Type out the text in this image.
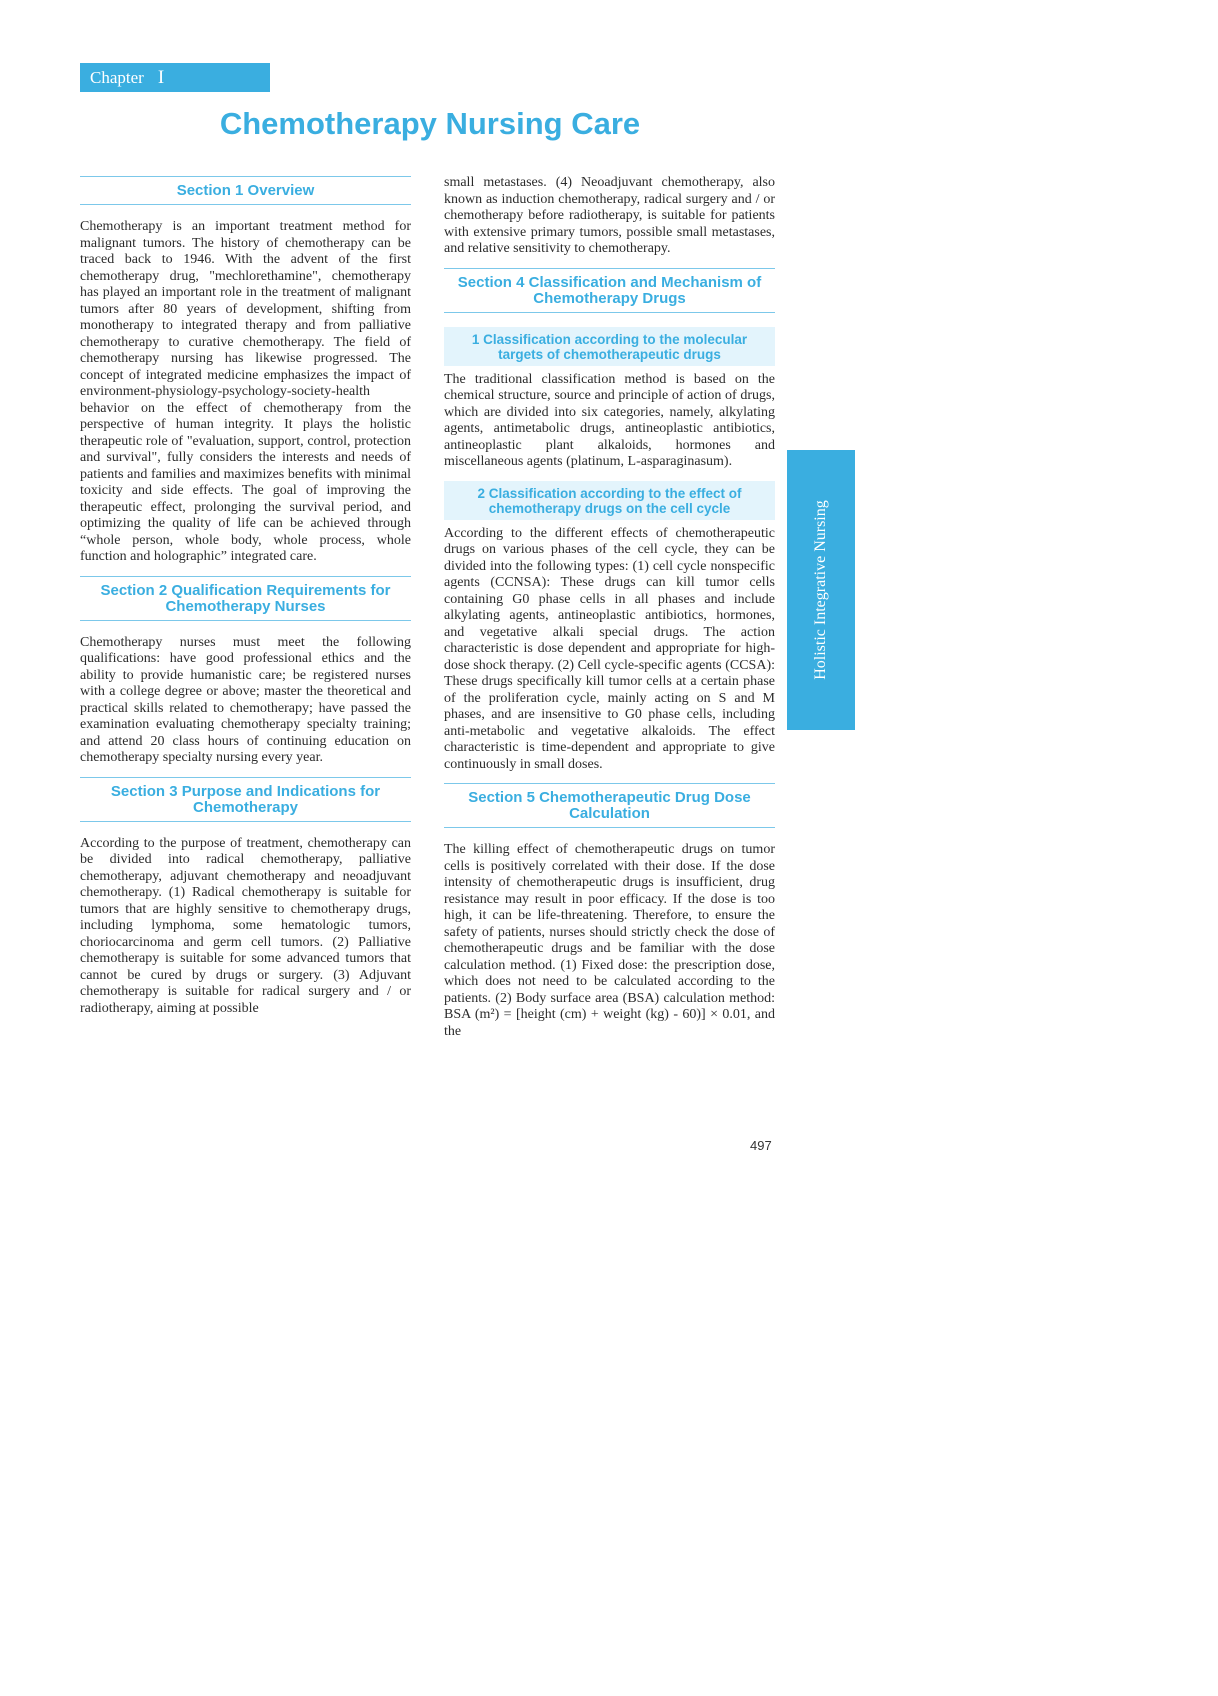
Chapter I
Chemotherapy Nursing Care
Section 1 Overview

Chemotherapy is an important treatment method for malignant tumors. The history of chemotherapy can be traced back to 1946. With the advent of the first chemotherapy drug, "mechlorethamine", chemotherapy has played an important role in the treatment of malignant tumors after 80 years of development, shifting from monotherapy to integrated therapy and from palliative chemotherapy to curative chemotherapy. The field of chemotherapy nursing has likewise progressed. The concept of integrated medicine emphasizes the impact of environment-physiology-psychology-society-health behavior on the effect of chemotherapy from the perspective of human integrity. It plays the holistic therapeutic role of "evaluation, support, control, protection and survival", fully considers the interests and needs of patients and families and maximizes benefits with minimal toxicity and side effects. The goal of improving the therapeutic effect, prolonging the survival period, and optimizing the quality of life can be achieved through “whole person, whole body, whole process, whole function and holographic” integrated care.

Section 2 Qualification Requirements for Chemotherapy Nurses

Chemotherapy nurses must meet the following qualifications: have good professional ethics and the ability to provide humanistic care; be registered nurses with a college degree or above; master the theoretical and practical skills related to chemotherapy; have passed the examination evaluating chemotherapy specialty training; and attend 20 class hours of continuing education on chemotherapy specialty nursing every year.

Section 3 Purpose and Indications for Chemotherapy

According to the purpose of treatment, chemotherapy can be divided into radical chemotherapy, palliative chemotherapy, adjuvant chemotherapy and neoadjuvant chemotherapy. (1) Radical chemotherapy is suitable for tumors that are highly sensitive to chemotherapy drugs, including lymphoma, some hematologic tumors, choriocarcinoma and germ cell tumors. (2) Palliative chemotherapy is suitable for some advanced tumors that cannot be cured by drugs or surgery. (3) Adjuvant chemotherapy is suitable for radical surgery and / or radiotherapy, aiming at possible

small metastases. (4) Neoadjuvant chemotherapy, also known as induction chemotherapy, radical surgery and / or chemotherapy before radiotherapy, is suitable for patients with extensive primary tumors, possible small metastases, and relative sensitivity to chemotherapy.

Section 4 Classification and Mechanism of Chemotherapy Drugs
1 Classification according to the molecular targets of chemotherapeutic drugs

The traditional classification method is based on the chemical structure, source and principle of action of drugs, which are divided into six categories, namely, alkylating agents, antimetabolic drugs, antineoplastic antibiotics, antineoplastic plant alkaloids, hormones and miscellaneous agents (platinum, L-asparaginasum).

2 Classification according to the effect of chemotherapy drugs on the cell cycle

According to the different effects of chemotherapeutic drugs on various phases of the cell cycle, they can be divided into the following types: (1) cell cycle nonspecific agents (CCNSA): These drugs can kill tumor cells containing G0 phase cells in all phases and include alkylating agents, antineoplastic antibiotics, hormones, and vegetative alkali special drugs. The action characteristic is dose dependent and appropriate for high-dose shock therapy. (2) Cell cycle-specific agents (CCSA): These drugs specifically kill tumor cells at a certain phase of the proliferation cycle, mainly acting on S and M phases, and are insensitive to G0 phase cells, including anti-metabolic and vegetative alkaloids. The effect characteristic is time-dependent and appropriate to give continuously in small doses.

Section 5 Chemotherapeutic Drug Dose Calculation

The killing effect of chemotherapeutic drugs on tumor cells is positively correlated with their dose. If the dose intensity of chemotherapeutic drugs is insufficient, drug resistance may result in poor efficacy. If the dose is too high, it can be life-threatening. Therefore, to ensure the safety of patients, nurses should strictly check the dose of chemotherapeutic drugs and be familiar with the dose calculation method. (1) Fixed dose: the prescription dose, which does not need to be calculated according to the patients. (2) Body surface area (BSA) calculation method: BSA (m²) = [height (cm) + weight (kg) - 60)] × 0.01, and the

Holistic Integrative Nursing
497
